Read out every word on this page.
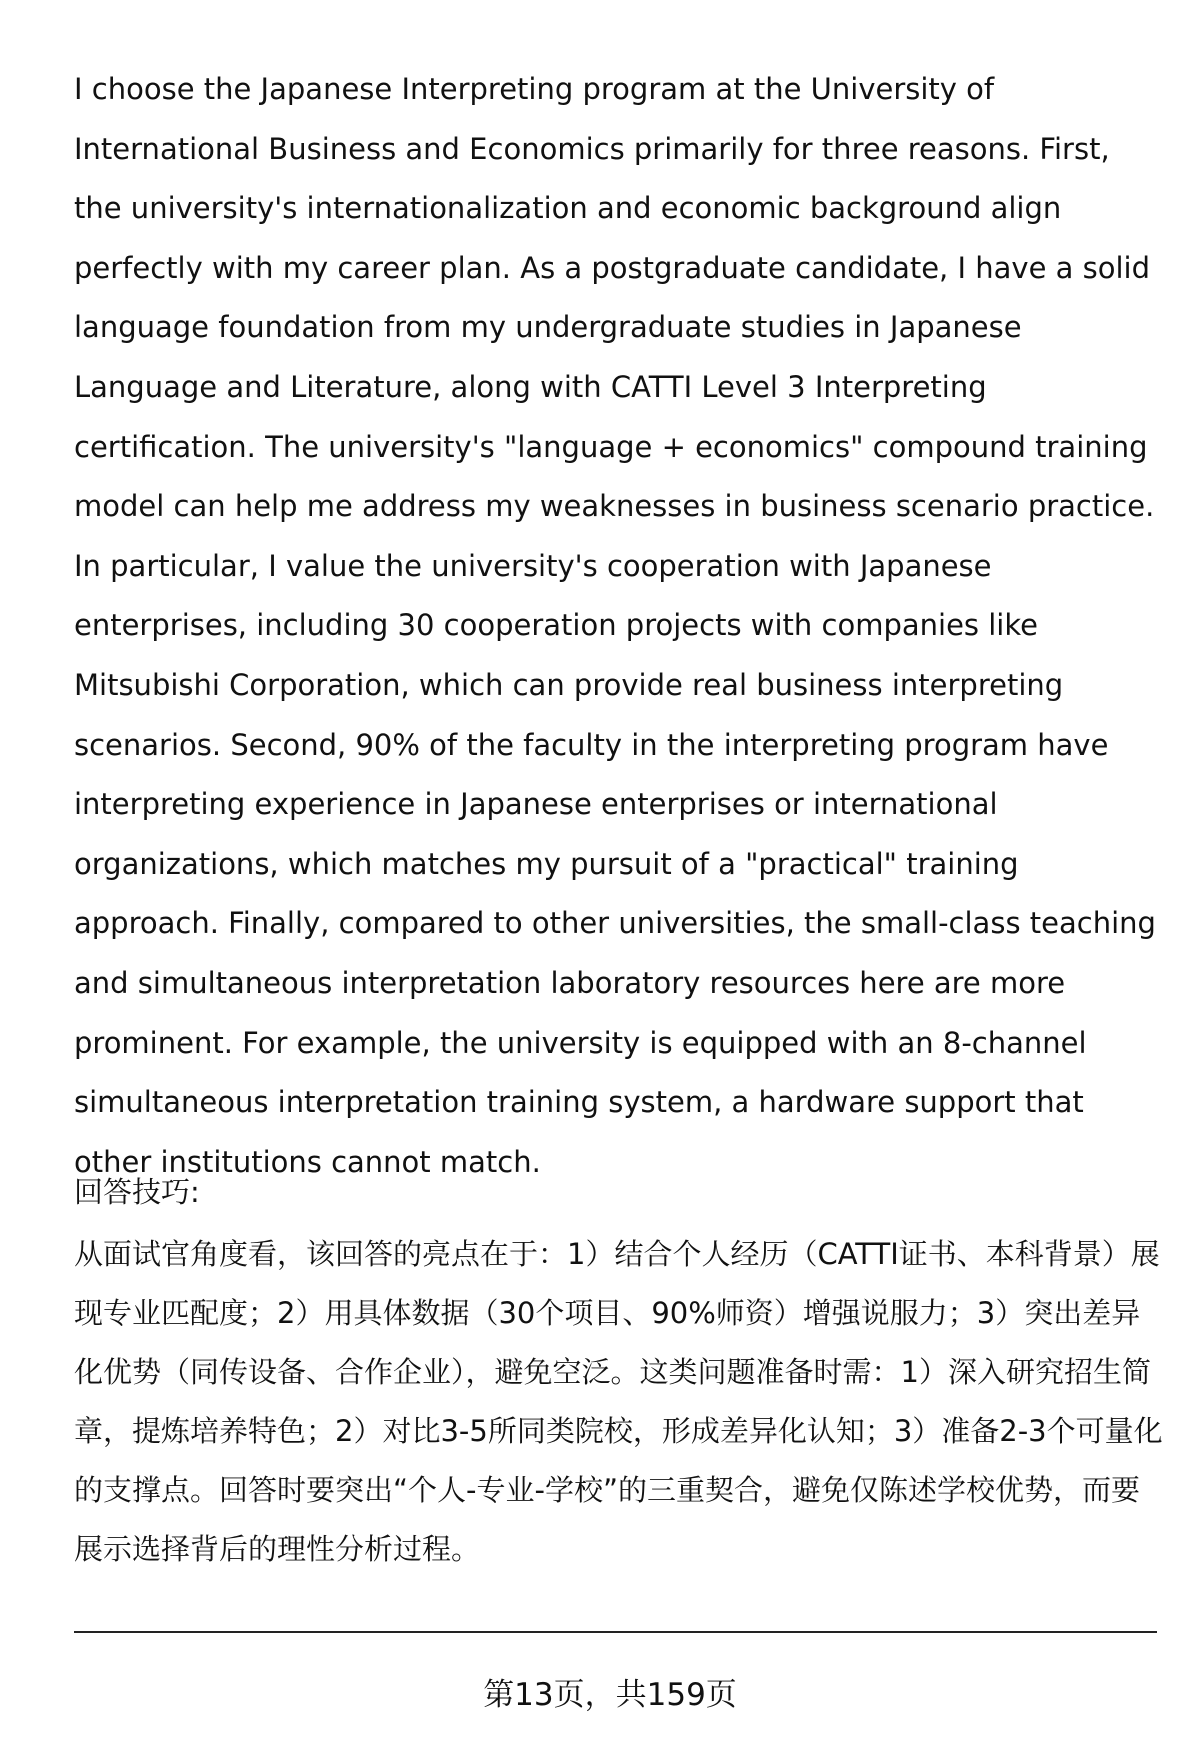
I choose the Japanese Interpreting program at the University of International Business and Economics primarily for three reasons. First, the university's internationalization and economic background align perfectly with my career plan. As a postgraduate candidate, I have a solid language foundation from my undergraduate studies in Japanese Language and Literature, along with CATTI Level 3 Interpreting certification. The university's "language + economics" compound training model can help me address my weaknesses in business scenario practice. In particular, I value the university's cooperation with Japanese enterprises, including 30 cooperation projects with companies like Mitsubishi Corporation, which can provide real business interpreting scenarios. Second, 90% of the faculty in the interpreting program have interpreting experience in Japanese enterprises or international organizations, which matches my pursuit of a "practical" training approach. Finally, compared to other universities, the small-class teaching and simultaneous interpretation laboratory resources here are more prominent. For example, the university is equipped with an 8-channel simultaneous interpretation training system, a hardware support that other institutions cannot match.

回答技巧:

从面试官角度看，该回答的亮点在于：1）结合个人经历（CATTI证书、本科背景）展现专业匹配度；2）用具体数据（30个项目、90%师资）增强说服力；3）突出差异化优势（同传设备、合作企业），避免空泛。这类问题准备时需：1）深入研究招生简章，提炼培养特色；2）对比3-5所同类院校，形成差异化认知；3）准备2-3个可量化的支撑点。回答时要突出“个人-专业-学校”的三重契合，避免仅陈述学校优势，而要展示选择背后的理性分析过程。

第13页，共159页
